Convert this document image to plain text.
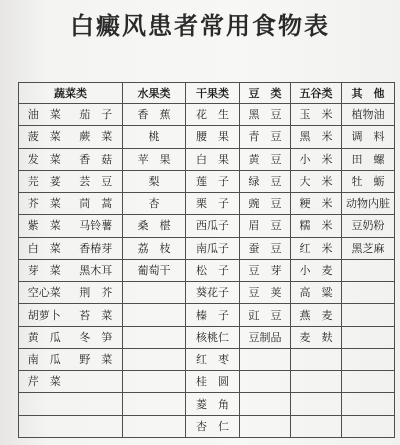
白癜风患者常用食物表
蔬菜类		水果类	干果类	豆　类	五谷类	其　他
油　菜	茄　子	香　蕉	花　生	黑　豆	玉　米	植物油
菠　菜	蕨　菜	桃	腰　果	青　豆	黑　米	调　料
发　菜	香　菇	苹　果	白　果	黄　豆	小　米	田　螺
芫　荽	芸　豆	梨	莲　子	绿　豆	大　米	牡　蛎
芥　菜	茼　蒿	杏	栗　子	豌　豆	粳　米	动物内脏
紫　菜	马铃薯	桑　椹	西瓜子	眉　豆	糯　米	豆奶粉
白　菜	香椿芽	荔　枝	南瓜子	蚕　豆	红　米	黑芝麻
芽　菜	黑木耳	葡萄干	松　子	豆　芽	小　麦	
空心菜	荆　芥		葵花子	豆　荚	高　粱	
胡萝卜	苔　菜		榛　子	豇　豆	燕　麦	
黄　瓜	冬　笋		核桃仁	豆制品	麦　麸	
南　瓜	野　菜		红　枣			
芹　菜			桂　圆			
			菱　角			
			杏　仁			
